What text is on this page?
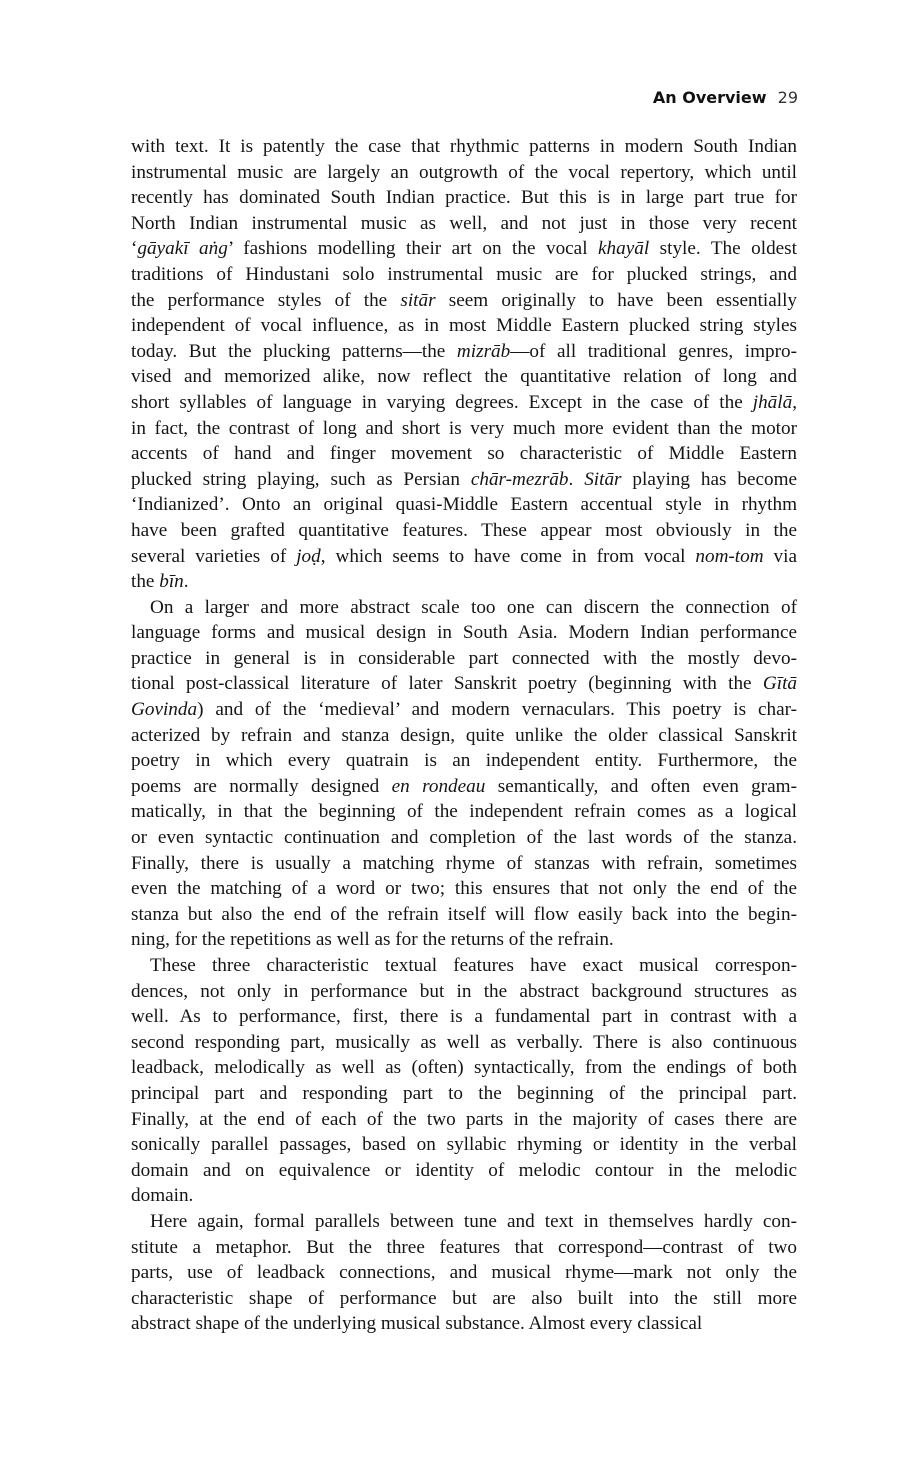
An Overview 29
with text. It is patently the case that rhythmic patterns in modern South Indian
instrumental music are largely an outgrowth of the vocal repertory, which until
recently has dominated South Indian practice. But this is in large part true for
North Indian instrumental music as well, and not just in those very recent
‘gāyakī aṅg’ fashions modelling their art on the vocal khayāl style. The oldest
traditions of Hindustani solo instrumental music are for plucked strings, and
the performance styles of the sitār seem originally to have been essentially
independent of vocal influence, as in most Middle Eastern plucked string styles
today. But the plucking patterns—the mizrāb—of all traditional genres, impro-
vised and memorized alike, now reflect the quantitative relation of long and
short syllables of language in varying degrees. Except in the case of the jhālā,
in fact, the contrast of long and short is very much more evident than the motor
accents of hand and finger movement so characteristic of Middle Eastern
plucked string playing, such as Persian chār-mezrāb. Sitār playing has become
‘Indianized’. Onto an original quasi-Middle Eastern accentual style in rhythm
have been grafted quantitative features. These appear most obviously in the
several varieties of joḍ, which seems to have come in from vocal nom-tom via
the bīn.
On a larger and more abstract scale too one can discern the connection of
language forms and musical design in South Asia. Modern Indian performance
practice in general is in considerable part connected with the mostly devo-
tional post-classical literature of later Sanskrit poetry (beginning with the Gītā
Govinda) and of the ‘medieval’ and modern vernaculars. This poetry is char-
acterized by refrain and stanza design, quite unlike the older classical Sanskrit
poetry in which every quatrain is an independent entity. Furthermore, the
poems are normally designed en rondeau semantically, and often even gram-
matically, in that the beginning of the independent refrain comes as a logical
or even syntactic continuation and completion of the last words of the stanza.
Finally, there is usually a matching rhyme of stanzas with refrain, sometimes
even the matching of a word or two; this ensures that not only the end of the
stanza but also the end of the refrain itself will flow easily back into the begin-
ning, for the repetitions as well as for the returns of the refrain.
These three characteristic textual features have exact musical correspon-
dences, not only in performance but in the abstract background structures as
well. As to performance, first, there is a fundamental part in contrast with a
second responding part, musically as well as verbally. There is also continuous
leadback, melodically as well as (often) syntactically, from the endings of both
principal part and responding part to the beginning of the principal part.
Finally, at the end of each of the two parts in the majority of cases there are
sonically parallel passages, based on syllabic rhyming or identity in the verbal
domain and on equivalence or identity of melodic contour in the melodic
domain.
Here again, formal parallels between tune and text in themselves hardly con-
stitute a metaphor. But the three features that correspond—contrast of two
parts, use of leadback connections, and musical rhyme—mark not only the
characteristic shape of performance but are also built into the still more
abstract shape of the underlying musical substance. Almost every classical
